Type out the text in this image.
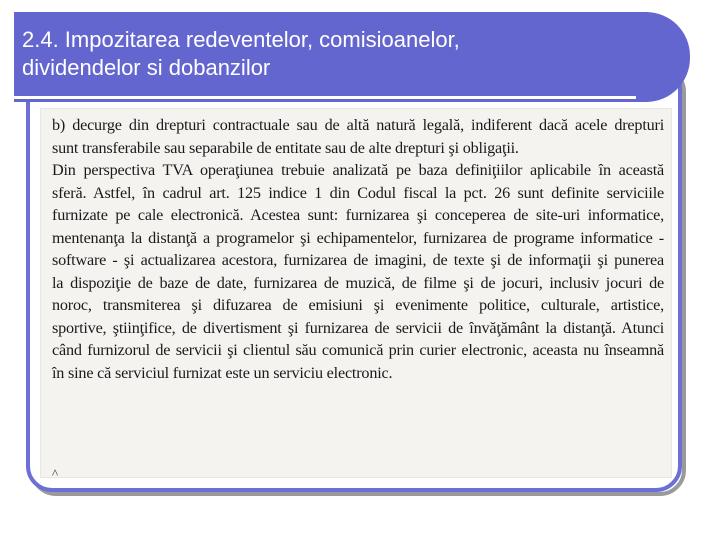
2.4. Impozitarea redeventelor, comisioanelor,
dividendelor si dobanzilor
b) decurge din drepturi contractuale sau de altă natură legală, indiferent dacă acele drepturi
sunt transferabile sau separabile de entitate sau de alte drepturi şi obligaţii.
Din perspectiva TVA operaţiunea trebuie analizată pe baza definiţiilor aplicabile în această
sferă. Astfel, în cadrul art. 125 indice 1 din Codul fiscal la pct. 26 sunt definite serviciile
furnizate pe cale electronică. Acestea sunt: furnizarea şi conceperea de site-uri informatice,
mentenanţa la distanţă a programelor şi echipamentelor, furnizarea de programe informatice -
software - şi actualizarea acestora, furnizarea de imagini, de texte şi de informaţii şi punerea
la dispoziţie de baze de date, furnizarea de muzică, de filme şi de jocuri, inclusiv jocuri de
noroc, transmiterea şi difuzarea de emisiuni şi evenimente politice, culturale, artistice,
sportive, ştiinţifice, de divertisment şi furnizarea de servicii de învăţământ la distanţă. Atunci
când furnizorul de servicii şi clientul său comunică prin curier electronic, aceasta nu înseamnă
în sine că serviciul furnizat este un serviciu electronic.
^
